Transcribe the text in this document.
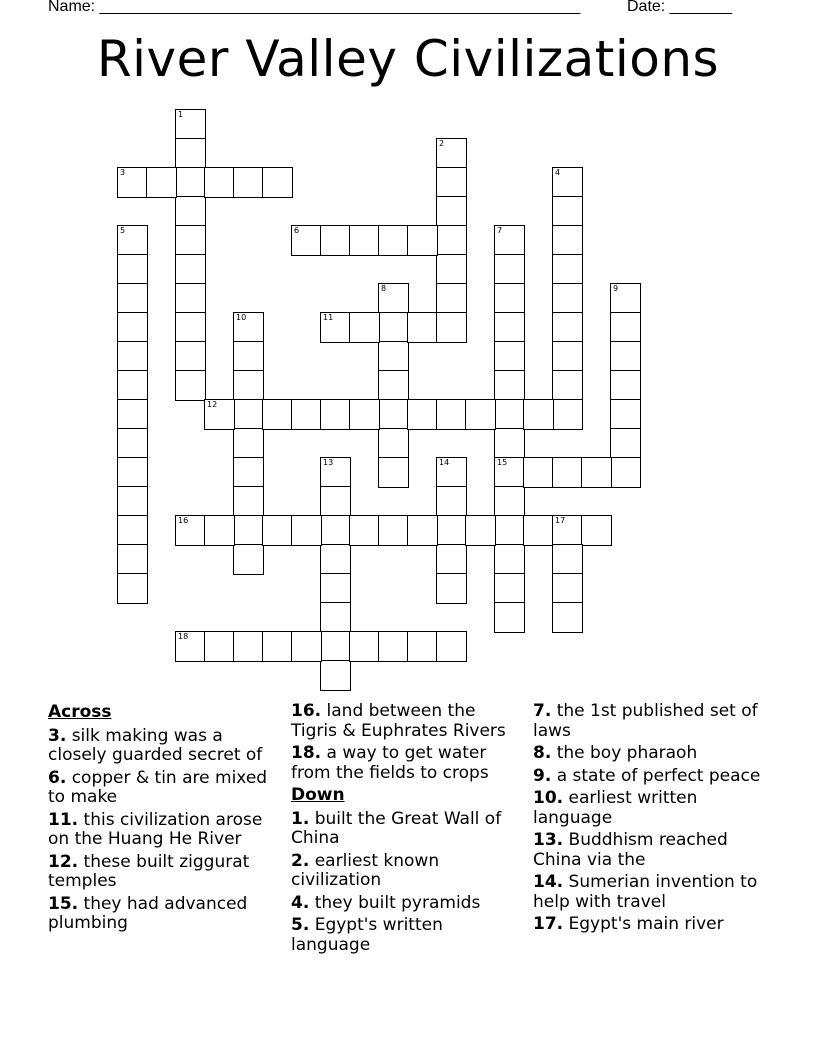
Name: ______________________________________________________	Date: _______
River Valley Civilizations
1
2
3	4
5	6	7
15
8	9
10	11
12
13	14
16	17
18
Across
3. silk making was a closely guarded secret of
6. copper & tin are mixed to make
11. this civilization arose on the Huang He River
12. these built ziggurat temples
15. they had advanced plumbing
16. land between the Tigris & Euphrates Rivers
18. a way to get water from the fields to crops
Down
1. built the Great Wall of China
2. earliest known civilization
4. they built pyramids
5. Egypt's written language
7. the 1st published set of laws
8. the boy pharaoh
9. a state of perfect peace
10. earliest written language
13. Buddhism reached China via the
14. Sumerian invention to help with travel
17. Egypt's main river
